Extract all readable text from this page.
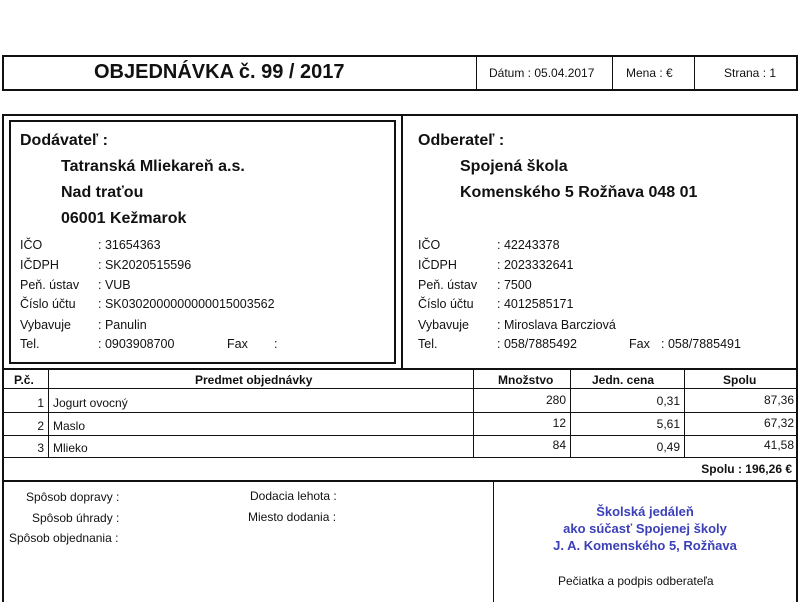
OBJEDNÁVKA č. 99 / 2017	Dátum : 05.04.2017	Mena : €	Strana : 1
Dodávateľ :
Tatranská Mliekareň a.s.
Nad traťou
06001 Kežmarok
IČO	: 31654363
IČDPH	: SK2020515596
Peň. ústav : VUB
Číslo účtu : SK0302000000000015003562
Vybavuje : Panulin
Tel.	: 0903908700	Fax :
Odberateľ :
Spojená škola
Komenského 5 Rožňava 048 01
IČO	: 42243378
IČDPH	: 2023332641
Peň. ústav : 7500
Číslo účtu : 4012585171
Vybavuje : Miroslava Barcziová
Tel.	: 058/7885492	Fax : 058/7885491
P.č.	Predmet objednávky	Množstvo	Jedn. cena	Spolu
1 Jogurt ovocný	280	0,31	87,36
2 Maslo	12	5,61	67,32
3 Mlieko	84	0,49	41,58
Spolu : 196,26 €
Spôsob dopravy :
Spôsob úhrady :
Spôsob objednania :
Dodacia lehota :
Miesto dodania :	Školská jedáleň
ako súčasť Spojenej školy
J. A. Komenského 5, Rožňava
Pečiatka a podpis odberateľa
